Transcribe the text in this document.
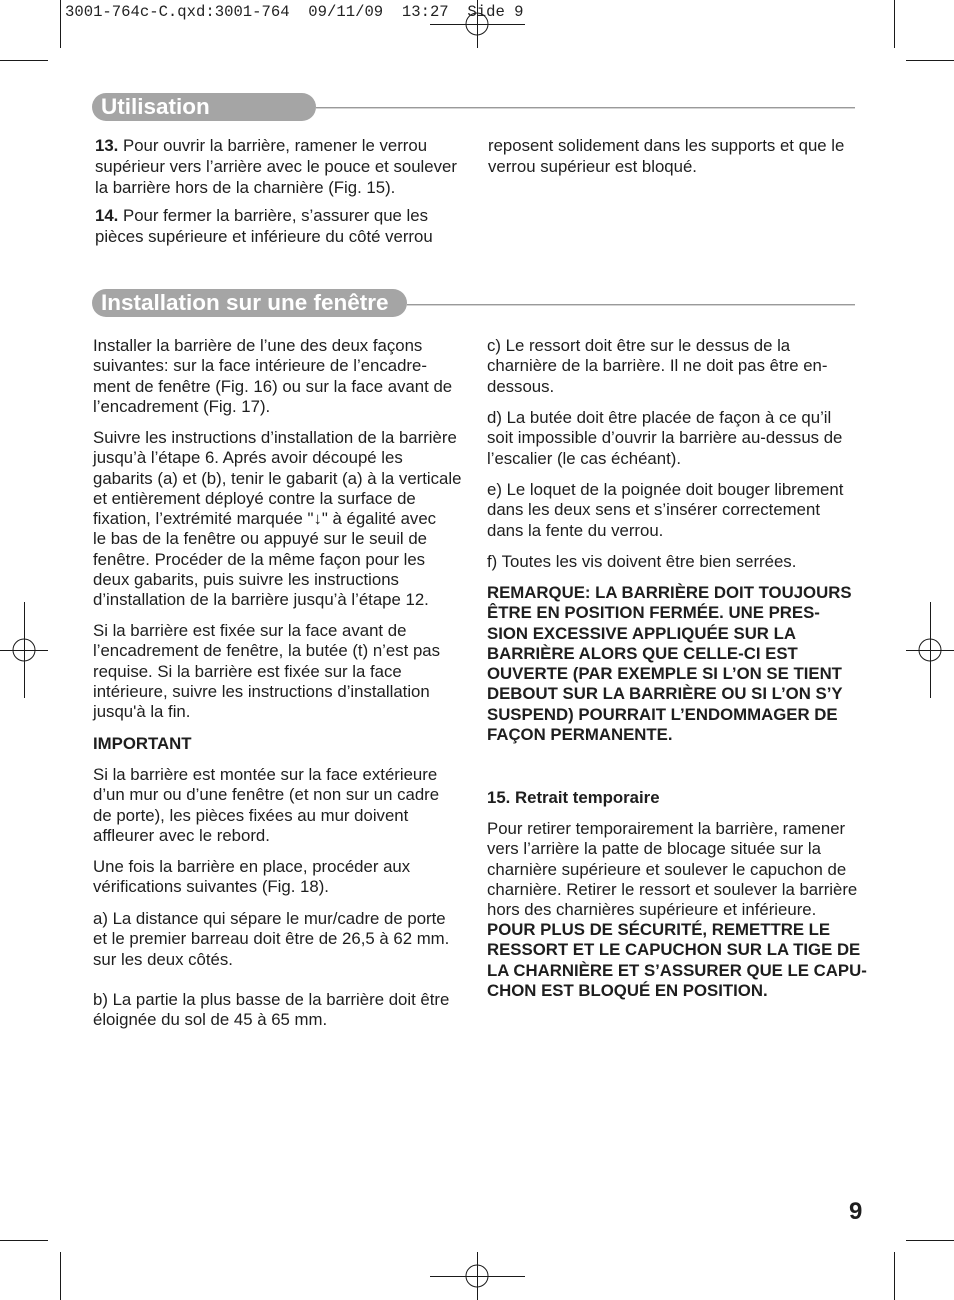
3001-764c-C.qxd:3001-764  09/11/09  13:27  Side 9
Utilisation
13. Pour ouvrir la barrière, ramener le verrou
supérieur vers l’arrière avec le pouce et soulever
la barrière hors de la charnière (Fig. 15).
14. Pour fermer la barrière, s’assurer que les
pièces supérieure et inférieure du côté verrou
reposent solidement dans les supports et que le
verrou supérieur est bloqué.
Installation sur une fenêtre
Installer la barrière de l’une des deux façons
suivantes: sur la face intérieure de l’encadre-
ment de fenêtre (Fig. 16) ou sur la face avant de
l’encadrement (Fig. 17).
Suivre les instructions d’installation de la barrière
jusqu’à l’étape 6. Aprés avoir découpé les
gabarits (a) et (b), tenir le gabarit (a) à la verticale
et entièrement déployé contre la surface de
fixation, l’extrémité marquée "↓" à égalité avec
le bas de la fenêtre ou appuyé sur le seuil de
fenêtre. Procéder de la même façon pour les
deux gabarits, puis suivre les instructions
d’installation de la barrière jusqu’à l’étape 12.
Si la barrière est fixée sur la face avant de
l’encadrement de fenêtre, la butée (t) n’est pas
requise. Si la barrière est fixée sur la face
intérieure, suivre les instructions d’installation
jusqu'à la fin.
IMPORTANT
Si la barrière est montée sur la face extérieure
d’un mur ou d’une fenêtre (et non sur un cadre
de porte), les pièces fixées au mur doivent
affleurer avec le rebord.
Une fois la barrière en place, procéder aux
vérifications suivantes (Fig. 18).
a) La distance qui sépare le mur/cadre de porte
et le premier barreau doit être de 26,5 à 62 mm.
sur les deux côtés.
b) La partie la plus basse de la barrière doit être
éloignée du sol de 45 à 65 mm.
c) Le ressort doit être sur le dessus de la
charnière de la barrière. Il ne doit pas être en-
dessous.
d) La butée doit être placée de façon à ce qu’il
soit impossible d’ouvrir la barrière au-dessus de
l’escalier (le cas échéant).
e) Le loquet de la poignée doit bouger librement
dans les deux sens et s’insérer correctement
dans la fente du verrou.
f) Toutes les vis doivent être bien serrées.
REMARQUE: LA BARRIÈRE DOIT TOUJOURS
ÊTRE EN POSITION FERMÉE. UNE PRES-
SION EXCESSIVE APPLIQUÉE SUR LA
BARRIÈRE ALORS QUE CELLE-CI EST
OUVERTE (PAR EXEMPLE SI L’ON SE TIENT
DEBOUT SUR LA BARRIÈRE OU SI L’ON S’Y
SUSPEND) POURRAIT L’ENDOMMAGER DE
FAÇON PERMANENTE.
15. Retrait temporaire
Pour retirer temporairement la barrière, ramener
vers l’arrière la patte de blocage située sur la
charnière supérieure et soulever le capuchon de
charnière. Retirer le ressort et soulever la barrière
hors des charnières supérieure et inférieure.
POUR PLUS DE SÉCURITÉ, REMETTRE LE
RESSORT ET LE CAPUCHON SUR LA TIGE DE
LA CHARNIÈRE ET S’ASSURER QUE LE CAPU-
CHON EST BLOQUÉ EN POSITION.
9
